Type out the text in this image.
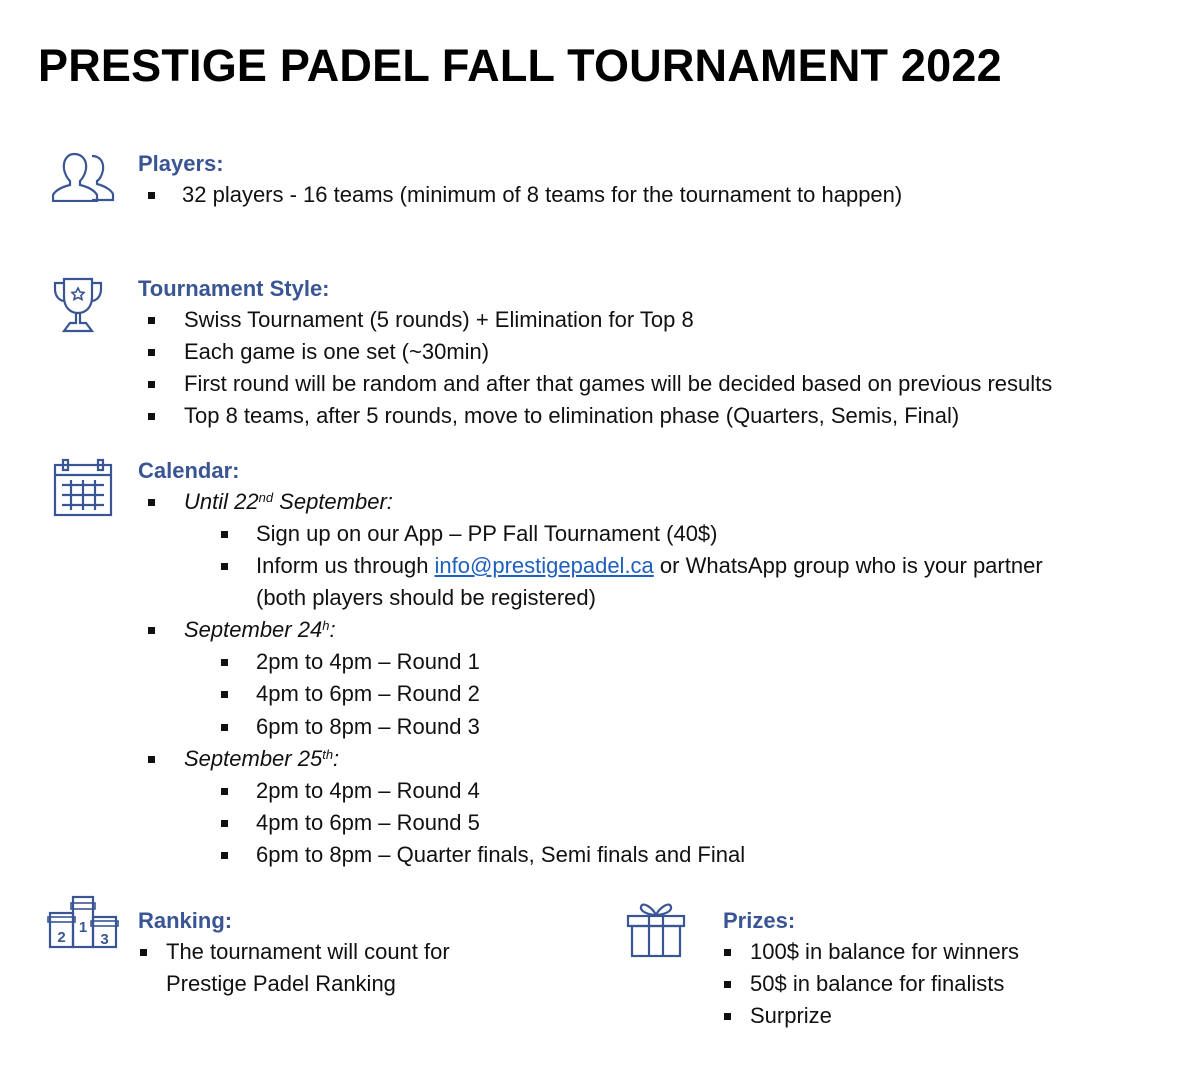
PRESTIGE PADEL FALL TOURNAMENT 2022
Players:
32 players - 16 teams (minimum of 8 teams for the tournament to happen)
Tournament Style:
Swiss Tournament (5 rounds) + Elimination for Top 8
Each game is one set (~30min)
First round will be random and after that games will be decided based on previous results
Top 8 teams, after 5 rounds, move to elimination phase (Quarters, Semis, Final)
Calendar:
Until 22nd September:
Sign up on our App – PP Fall Tournament (40$)
Inform us through info@prestigepadel.ca or WhatsApp group who is your partner
(both players should be registered)
September 24$^h$:
2pm to 4pm – Round 1
4pm to 6pm – Round 2
6pm to 8pm – Round 3
September 25th:
2pm to 4pm – Round 4
4pm to 6pm – Round 5
6pm to 8pm – Quarter finals, Semi finals and Final
2
1
3
Ranking:
The tournament will count for
Prestige Padel Ranking
Prizes:
100$ in balance for winners
50$ in balance for finalists
Surprize
